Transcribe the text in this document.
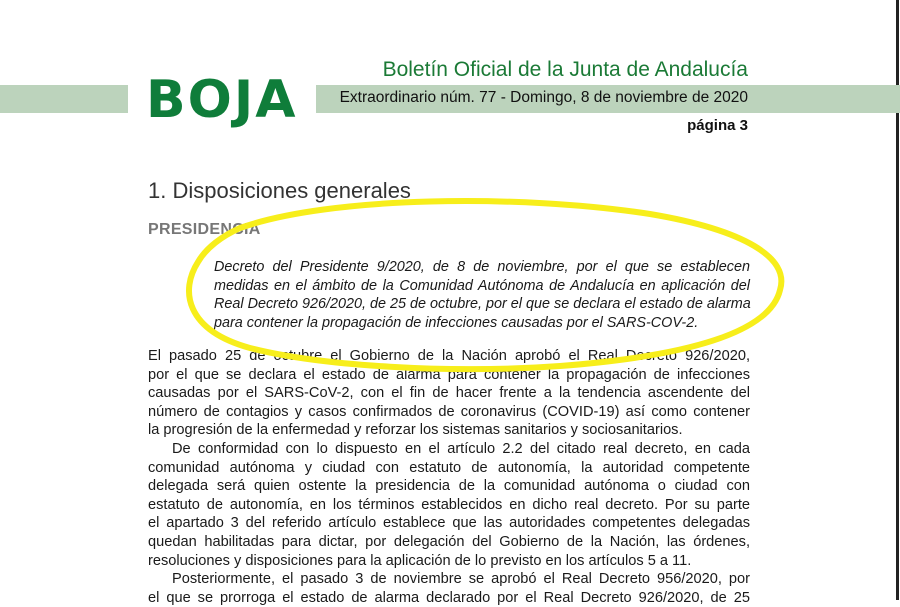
BOJA
Boletín Oficial de la Junta de Andalucía
Extraordinario núm. 77 - Domingo, 8 de noviembre de 2020
página 3
1. Disposiciones generales
PRESIDENCIA
Decreto del Presidente 9/2020, de 8 de noviembre, por el que se establecen
medidas en el ámbito de la Comunidad Autónoma de Andalucía en aplicación del
Real Decreto 926/2020, de 25 de octubre, por el que se declara el estado de alarma
para contener la propagación de infecciones causadas por el SARS-COV-2.
El pasado 25 de octubre el Gobierno de la Nación aprobó el Real Decreto 926/2020,
por el que se declara el estado de alarma para contener la propagación de infecciones
causadas por el SARS-CoV-2, con el fin de hacer frente a la tendencia ascendente del
número de contagios y casos confirmados de coronavirus (COVID-19) así como contener
la progresión de la enfermedad y reforzar los sistemas sanitarios y sociosanitarios.
De conformidad con lo dispuesto en el artículo 2.2 del citado real decreto, en cada
comunidad autónoma y ciudad con estatuto de autonomía, la autoridad competente
delegada será quien ostente la presidencia de la comunidad autónoma o ciudad con
estatuto de autonomía, en los términos establecidos en dicho real decreto. Por su parte
el apartado 3 del referido artículo establece que las autoridades competentes delegadas
quedan habilitadas para dictar, por delegación del Gobierno de la Nación, las órdenes,
resoluciones y disposiciones para la aplicación de lo previsto en los artículos 5 a 11.
Posteriormente, el pasado 3 de noviembre se aprobó el Real Decreto 956/2020, por
el que se prorroga el estado de alarma declarado por el Real Decreto 926/2020, de 25
